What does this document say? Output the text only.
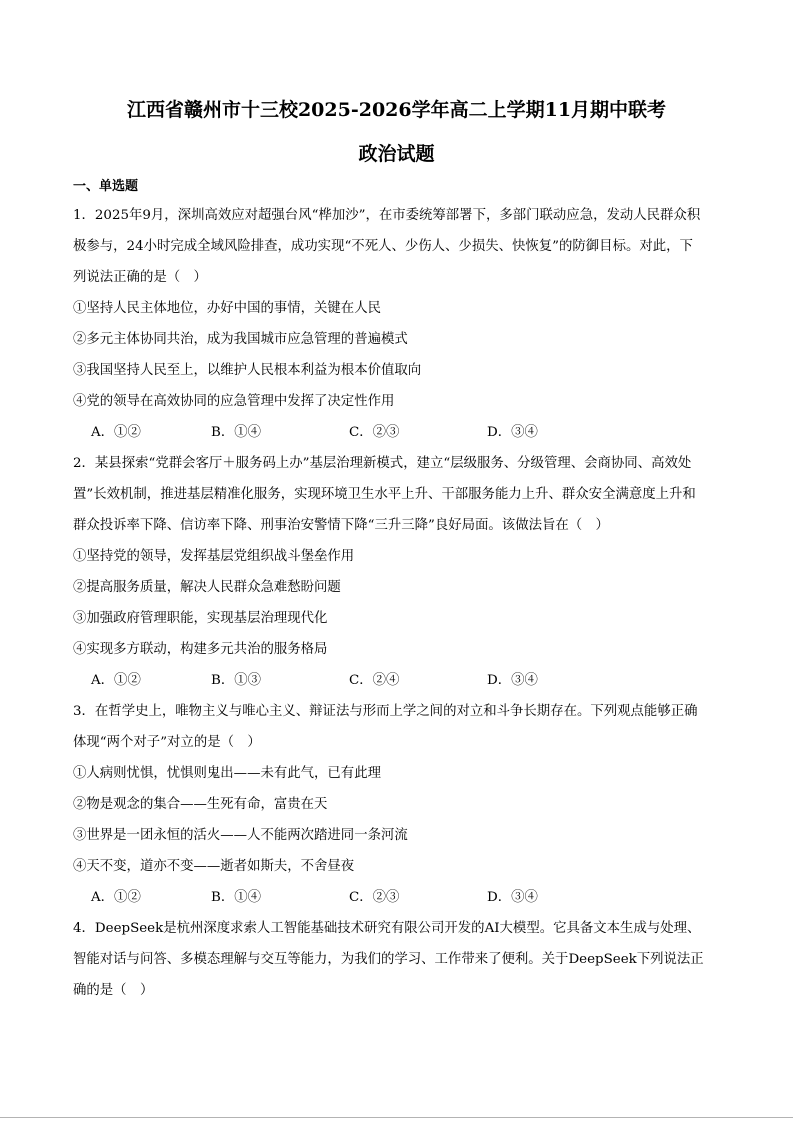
江西省赣州市十三校2025-2026学年高二上学期11月期中联考
政治试题
一、单选题
1．2025年9月，深圳高效应对超强台风“桦加沙”，在市委统筹部署下，多部门联动应急，发动人民群众积
极参与，24小时完成全域风险排查，成功实现“不死人、少伤人、少损失、快恢复”的防御目标。对此，下
列说法正确的是（　）
①坚持人民主体地位，办好中国的事情，关键在人民
②多元主体协同共治，成为我国城市应急管理的普遍模式
③我国坚持人民至上，以维护人民根本利益为根本价值取向
④党的领导在高效协同的应急管理中发挥了决定性作用
A．①②	B．①④	C．②③	D．③④
2．某县探索“党群会客厅＋服务码上办”基层治理新模式，建立“层级服务、分级管理、会商协同、高效处
置”长效机制，推进基层精准化服务，实现环境卫生水平上升、干部服务能力上升、群众安全满意度上升和
群众投诉率下降、信访率下降、刑事治安警情下降“三升三降”良好局面。该做法旨在（　）
①坚持党的领导，发挥基层党组织战斗堡垒作用
②提高服务质量，解决人民群众急难愁盼问题
③加强政府管理职能，实现基层治理现代化
④实现多方联动，构建多元共治的服务格局
A．①②	B．①③	C．②④	D．③④
3．在哲学史上，唯物主义与唯心主义、辩证法与形而上学之间的对立和斗争长期存在。下列观点能够正确
体现“两个对子”对立的是（　）
①人病则忧惧，忧惧则鬼出——未有此气，已有此理
②物是观念的集合——生死有命，富贵在天
③世界是一团永恒的活火——人不能两次踏进同一条河流
④天不变，道亦不变——逝者如斯夫，不舍昼夜
A．①②	B．①④	C．②③	D．③④
4．DeepSeek是杭州深度求索人工智能基础技术研究有限公司开发的AI大模型。它具备文本生成与处理、
智能对话与问答、多模态理解与交互等能力，为我们的学习、工作带来了便利。关于DeepSeek下列说法正
确的是（　）
